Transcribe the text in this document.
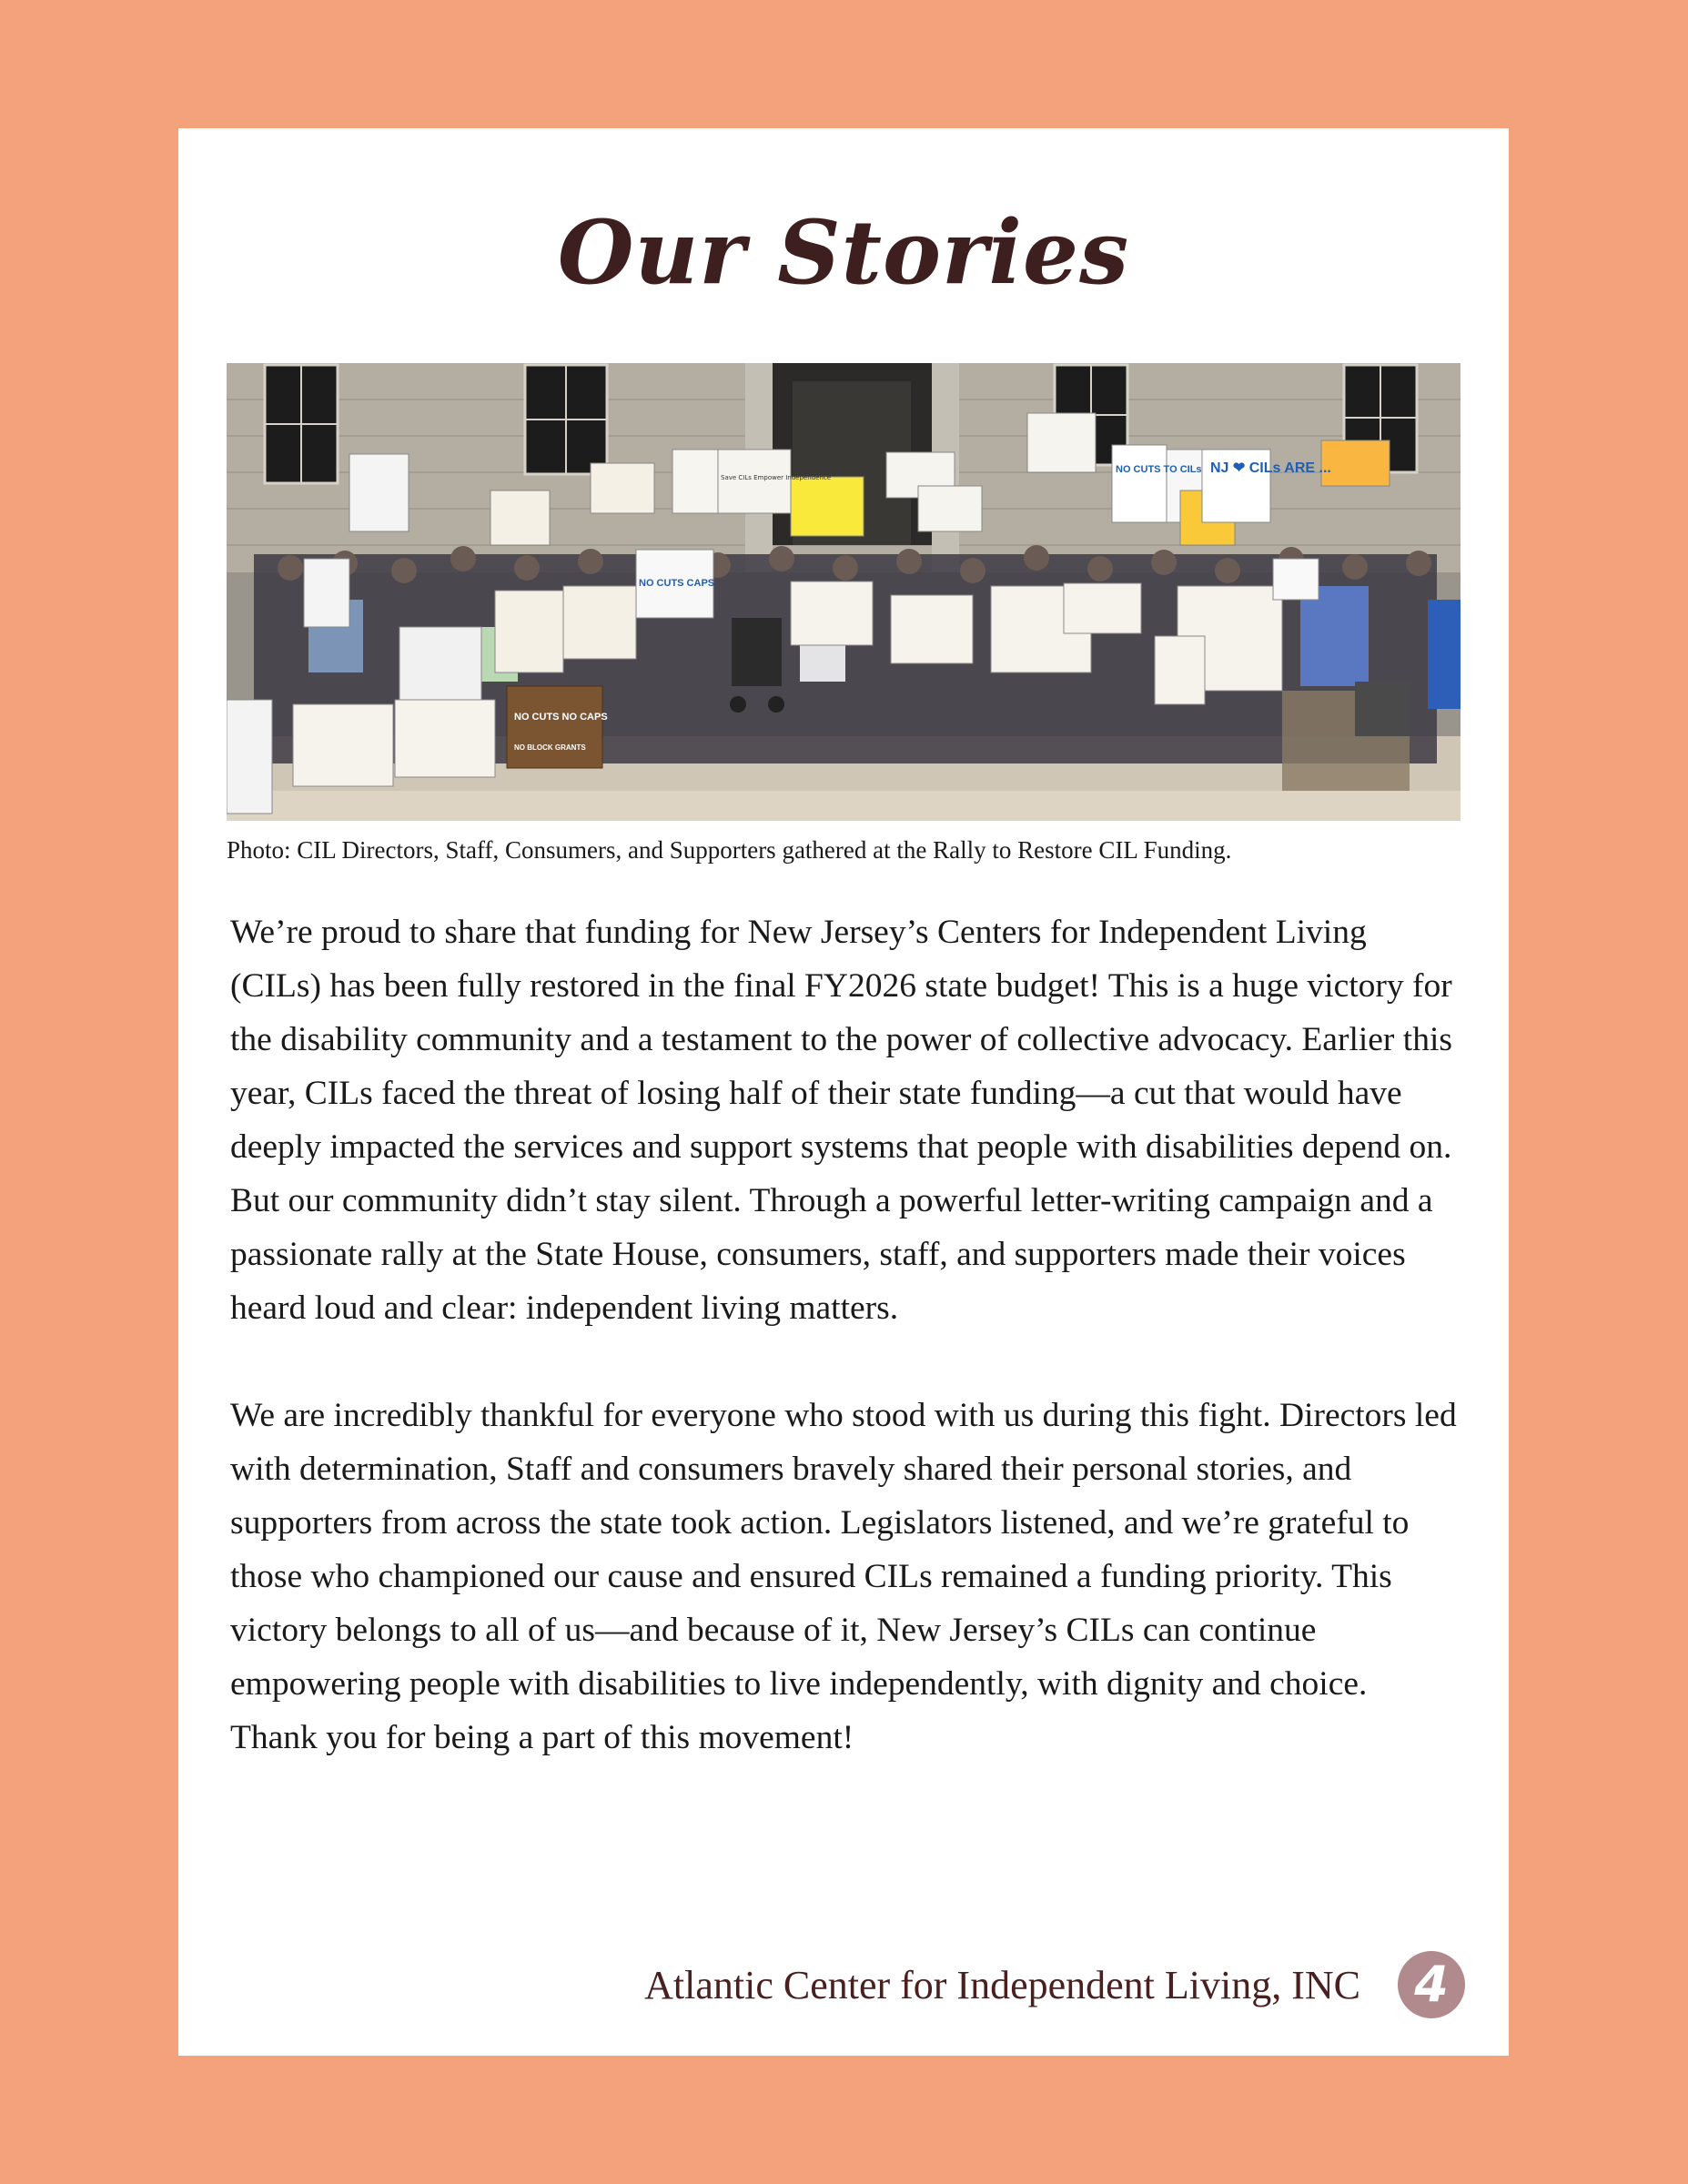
Our Stories
NJ ❤ CILs ARE ...
NO CUTS TO CILs
NO CUTS NO CAPS
NO BLOCK GRANTS
Save CILs Empower Independence
NO CUTS CAPS

Photo: CIL Directors, Staff, Consumers, and Supporters gathered at the Rally to Restore CIL Funding.

We’re proud to share that funding for New Jersey’s Centers for Independent Living (CILs) has been fully restored in the final FY2026 state budget! This is a huge victory for the disability community and a testament to the power of collective advocacy. Earlier this year, CILs faced the threat of losing half of their state funding—a cut that would have deeply impacted the services and support systems that people with disabilities depend on. But our community didn’t stay silent. Through a powerful letter-writing campaign and a passionate rally at the State House, consumers, staff, and supporters made their voices heard loud and clear: independent living matters.

We are incredibly thankful for everyone who stood with us during this fight. Directors led with determination, Staff and consumers bravely shared their personal stories, and supporters from across the state took action. Legislators listened, and we’re grateful to those who championed our cause and ensured CILs remained a funding priority. This victory belongs to all of us—and because of it, New Jersey’s CILs can continue empowering people with disabilities to live independently, with dignity and choice. Thank you for being a part of this movement!

Atlantic Center for Independent Living, INC	4
